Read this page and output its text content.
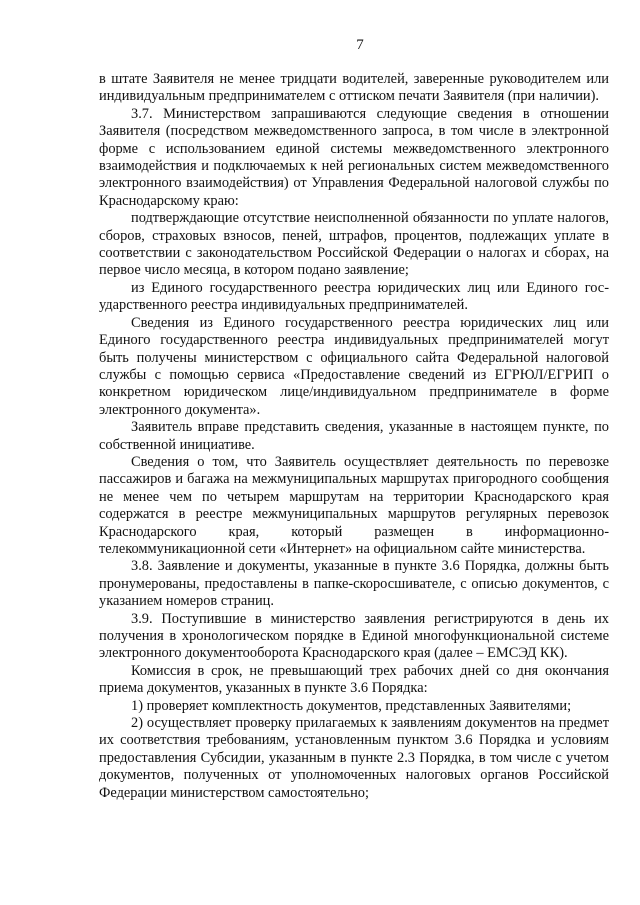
7

в штате Заявителя не менее тридцати водителей, заверенные руководителем или индивидуальным предпринимателем с оттиском печати Заявителя (при наличии).

3.7. Министерством запрашиваются следующие сведения в отношении Заявителя (посредством межведомственного запроса, в том числе в электронной форме с использованием единой системы межведомственного электронного взаимодействия и подключаемых к ней региональных систем межведомственного электронного взаимодействия) от Управления Федеральной налоговой службы по Краснодарскому краю:

подтверждающие отсутствие неисполненной обязанности по уплате налогов, сборов, страховых взносов, пеней, штрафов, процентов, подлежащих уплате в соответствии с законодательством Российской Федерации о налогах и сборах, на первое число месяца, в котором подано заявление;

из Единого государственного реестра юридических лиц или Единого государственного реестра индивидуальных предпринимателей.

Сведения из Единого государственного реестра юридических лиц или Единого государственного реестра индивидуальных предпринимателей могут быть получены министерством с официального сайта Федеральной налоговой службы с помощью сервиса «Предоставление сведений из ЕГРЮЛ/ЕГРИП о конкретном юридическом лице/индивидуальном предпринимателе в форме электронного документа».

Заявитель вправе представить сведения, указанные в настоящем пункте, по собственной инициативе.

Сведения о том, что Заявитель осуществляет деятельность по перевозке пассажиров и багажа на межмуниципальных маршрутах пригородного сообщения не менее чем по четырем маршрутам на территории Краснодарского края содержатся в реестре межмуниципальных маршрутов регулярных перевозок Краснодарского края, который размещен в информационно-телекоммуникационной сети «Интернет» на официальном сайте министерства.

3.8. Заявление и документы, указанные в пункте 3.6 Порядка, должны быть пронумерованы, предоставлены в папке-скоросшивателе, с описью документов, с указанием номеров страниц.

3.9. Поступившие в министерство заявления регистрируются в день их получения в хронологическом порядке в Единой многофункциональной системе электронного документооборота Краснодарского края (далее – ЕМСЭД КК).

Комиссия в срок, не превышающий трех рабочих дней со дня окончания приема документов, указанных в пункте 3.6 Порядка:

1) проверяет комплектность документов, представленных Заявителями;

2) осуществляет проверку прилагаемых к заявлениям документов на предмет их соответствия требованиям, установленным пунктом 3.6 Порядка и условиям предоставления Субсидии, указанным в пункте 2.3 Порядка, в том числе с учетом документов, полученных от уполномоченных налоговых органов Российской Федерации министерством самостоятельно;
